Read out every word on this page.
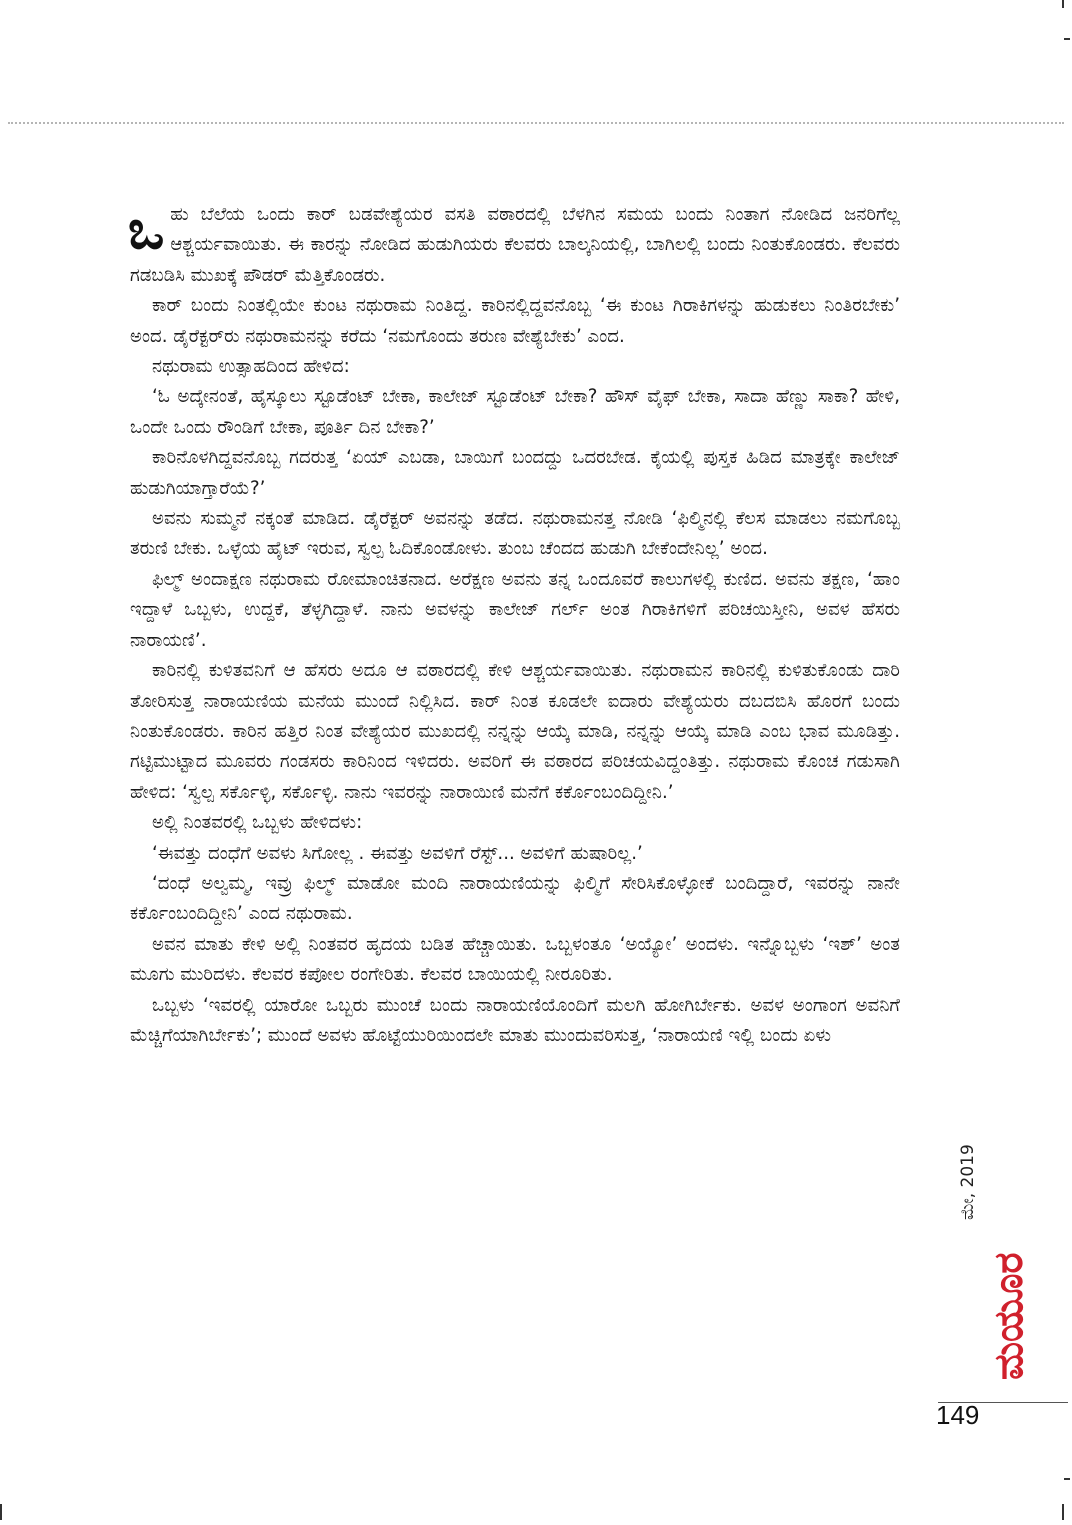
ಒಹು ಬೆಲೆಯ ಒಂದು ಕಾರ್ ಬಡವೇಶ್ಯೆಯರ ವಸತಿ ವಠಾರದಲ್ಲಿ ಬೆಳಗಿನ ಸಮಯ ಬಂದು ನಿಂತಾಗ ನೋಡಿದ ಜನರಿಗೆಲ್ಲ ಆಶ್ಚರ್ಯವಾಯಿತು. ಈ ಕಾರನ್ನು ನೋಡಿದ ಹುಡುಗಿಯರು ಕೆಲವರು ಬಾಲ್ಕನಿಯಲ್ಲಿ, ಬಾಗಿಲಲ್ಲಿ ಬಂದು ನಿಂತುಕೊಂಡರು. ಕೆಲವರು ಗಡಬಡಿಸಿ ಮುಖಕ್ಕೆ ಪೌಡರ್ ಮೆತ್ತಿಕೊಂಡರು.

ಕಾರ್ ಬಂದು ನಿಂತಲ್ಲಿಯೇ ಕುಂಟ ನಥುರಾಮ ನಿಂತಿದ್ದ. ಕಾರಿನಲ್ಲಿದ್ದವನೊಬ್ಬ ‘ಈ ಕುಂಟ ಗಿರಾಕಿಗಳನ್ನು ಹುಡುಕಲು ನಿಂತಿರಬೇಕು’ ಅಂದ. ಡೈರೆಕ್ಟರ್‌ರು ನಥುರಾಮನನ್ನು ಕರೆದು ‘ನಮಗೊಂದು ತರುಣ ವೇಶ್ಯೆಬೇಕು’ ಎಂದ.

ನಥುರಾಮ ಉತ್ಸಾಹದಿಂದ ಹೇಳಿದ:

‘ಓ ಅದ್ಕೇನಂತೆ, ಹೈಸ್ಕೂಲು ಸ್ಟೂಡೆಂಟ್ ಬೇಕಾ, ಕಾಲೇಜ್ ಸ್ಟೂಡೆಂಟ್ ಬೇಕಾ? ಹೌಸ್ ವೈಫ್ ಬೇಕಾ, ಸಾದಾ ಹೆಣ್ಣು ಸಾಕಾ? ಹೇಳಿ, ಒಂದೇ ಒಂದು ರೌಂಡಿಗೆ ಬೇಕಾ, ಪೂರ್ತಿ ದಿನ ಬೇಕಾ?’

ಕಾರಿನೊಳಗಿದ್ದವನೊಬ್ಬ ಗದರುತ್ತ ‘ಏಯ್ ಎಬಡಾ, ಬಾಯಿಗೆ ಬಂದದ್ದು ಒದರಬೇಡ. ಕೈಯಲ್ಲಿ ಪುಸ್ತಕ ಹಿಡಿದ ಮಾತ್ರಕ್ಕೇ ಕಾಲೇಜ್ ಹುಡುಗಿಯಾಗ್ತಾರೆಯೆ?’

ಅವನು ಸುಮ್ಮನೆ ನಕ್ಕಂತೆ ಮಾಡಿದ. ಡೈರೆಕ್ಟರ್ ಅವನನ್ನು ತಡೆದ. ನಥುರಾಮನತ್ತ ನೋಡಿ ‘ಫಿಲ್ಮಿನಲ್ಲಿ ಕೆಲಸ ಮಾಡಲು ನಮಗೊಬ್ಬ ತರುಣಿ ಬೇಕು. ಒಳ್ಳೆಯ ಹೈಟ್ ಇರುವ, ಸ್ವಲ್ಪ ಓದಿಕೊಂಡೋಳು. ತುಂಬ ಚೆಂದದ ಹುಡುಗಿ ಬೇಕೆಂದೇನಿಲ್ಲ’ ಅಂದ.

ಫಿಲ್ಮ್ ಅಂದಾಕ್ಷಣ ನಥುರಾಮ ರೋಮಾಂಚಿತನಾದ. ಅರೆಕ್ಷಣ ಅವನು ತನ್ನ ಒಂದೂವರೆ ಕಾಲುಗಳಲ್ಲಿ ಕುಣಿದ. ಅವನು ತಕ್ಷಣ, ‘ಹಾಂ ಇದ್ದಾಳೆ ಒಬ್ಬಳು, ಉದ್ದಕೆ, ತೆಳ್ಳಗಿದ್ದಾಳೆ. ನಾನು ಅವಳನ್ನು ಕಾಲೇಜ್ ಗರ್ಲ್ ಅಂತ ಗಿರಾಕಿಗಳಿಗೆ ಪರಿಚಯಿಸ್ತೀನಿ, ಅವಳ ಹೆಸರು ನಾರಾಯಣಿ’.

ಕಾರಿನಲ್ಲಿ ಕುಳಿತವನಿಗೆ ಆ ಹೆಸರು ಅದೂ ಆ ವಠಾರದಲ್ಲಿ ಕೇಳಿ ಆಶ್ಚರ್ಯವಾಯಿತು. ನಥುರಾಮನ ಕಾರಿನಲ್ಲಿ ಕುಳಿತುಕೊಂಡು ದಾರಿ ತೋರಿಸುತ್ತ ನಾರಾಯಣಿಯ ಮನೆಯ ಮುಂದೆ ನಿಲ್ಲಿಸಿದ. ಕಾರ್ ನಿಂತ ಕೂಡಲೇ ಐದಾರು ವೇಶ್ಯೆಯರು ದಬದಬಿಸಿ ಹೊರಗೆ ಬಂದು ನಿಂತುಕೊಂಡರು. ಕಾರಿನ ಹತ್ತಿರ ನಿಂತ ವೇಶ್ಯೆಯರ ಮುಖದಲ್ಲಿ ನನ್ನನ್ನು ಆಯ್ಕೆ ಮಾಡಿ, ನನ್ನನ್ನು ಆಯ್ಕೆ ಮಾಡಿ ಎಂಬ ಭಾವ ಮೂಡಿತ್ತು. ಗಟ್ಟಿಮುಟ್ಟಾದ ಮೂವರು ಗಂಡಸರು ಕಾರಿನಿಂದ ಇಳಿದರು. ಅವರಿಗೆ ಈ ವಠಾರದ ಪರಿಚಯವಿದ್ದಂತಿತ್ತು. ನಥುರಾಮ ಕೊಂಚ ಗಡುಸಾಗಿ ಹೇಳಿದ: ‘ಸ್ವಲ್ಪ ಸರ್ಕೊಳ್ಳಿ, ಸರ್ಕೊಳ್ಳಿ. ನಾನು ಇವರನ್ನು ನಾರಾಯಿಣಿ ಮನೆಗೆ ಕರ್ಕೊಂಬಂದಿದ್ದೀನಿ.’

ಅಲ್ಲಿ ನಿಂತವರಲ್ಲಿ ಒಬ್ಬಳು ಹೇಳಿದಳು:

‘ಈವತ್ತು ದಂಧೆಗೆ ಅವಳು ಸಿಗೋಲ್ಲ . ಈವತ್ತು ಅವಳಿಗೆ ರೆಸ್ಟ್... ಅವಳಿಗೆ ಹುಷಾರಿಲ್ಲ.’

‘ದಂಧೆ ಅಲ್ವಮ್ಮ, ಇವ್ರು ಫಿಲ್ಮ್ ಮಾಡೋ ಮಂದಿ ನಾರಾಯಣಿಯನ್ನು ಫಿಲ್ಮಿಗೆ ಸೇರಿಸಿಕೊಳ್ಳೋಕೆ ಬಂದಿದ್ದಾರೆ, ಇವರನ್ನು ನಾನೇ ಕರ್ಕೊಂಬಂದಿದ್ದೀನಿ’ ಎಂದ ನಥುರಾಮ.

ಅವನ ಮಾತು ಕೇಳಿ ಅಲ್ಲಿ ನಿಂತವರ ಹೃದಯ ಬಡಿತ ಹೆಚ್ಚಾಯಿತು. ಒಬ್ಬಳಂತೂ ‘ಅಯ್ಯೋ’ ಅಂದಳು. ಇನ್ನೊಬ್ಬಳು ‘ಇಶ್’ ಅಂತ ಮೂಗು ಮುರಿದಳು. ಕೆಲವರ ಕಪೋಲ ರಂಗೇರಿತು. ಕೆಲವರ ಬಾಯಿಯಲ್ಲಿ ನೀರೂರಿತು.

ಒಬ್ಬಳು ‘ಇವರಲ್ಲಿ ಯಾರೋ ಒಬ್ಬರು ಮುಂಚೆ ಬಂದು ನಾರಾಯಣಿಯೊಂದಿಗೆ ಮಲಗಿ ಹೋಗಿರ್ಬೇಕು. ಅವಳ ಅಂಗಾಂಗ ಅವನಿಗೆ ಮೆಚ್ಚಿಗೆಯಾಗಿರ್ಬೇಕು’; ಮುಂದೆ ಅವಳು ಹೊಟ್ಟೆಯುರಿಯಿಂದಲೇ ಮಾತು ಮುಂದುವರಿಸುತ್ತ, ‘ನಾರಾಯಣಿ ಇಲ್ಲಿ ಬಂದು ಏಳು

ಮೇ, 2019
ಮಯೂರ
149
